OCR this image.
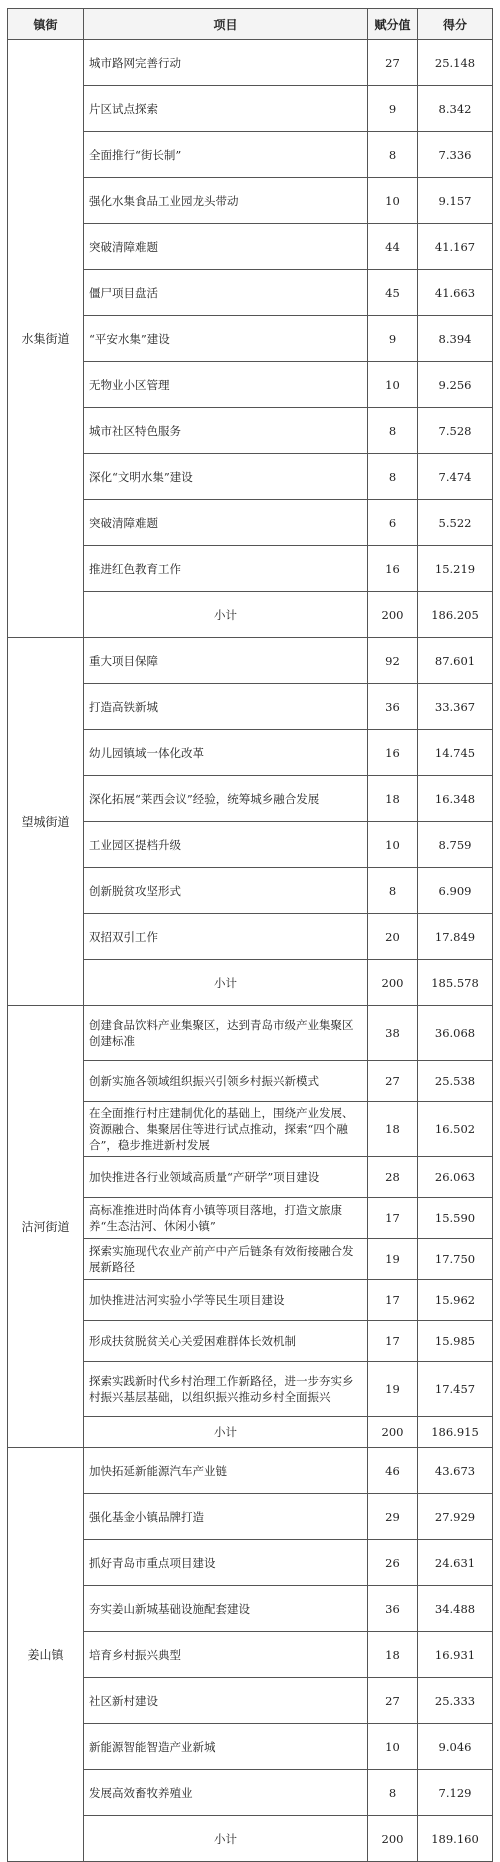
镇街	项目	赋分值	得分
水集街道	城市路网完善行动	27	25.148
	片区试点探索	9	8.342
	全面推行“街长制”	8	7.336
	强化水集食品工业园龙头带动	10	9.157
	突破清障难题	44	41.167
	僵尸项目盘活	45	41.663
	“平安水集”建设	9	8.394
	无物业小区管理	10	9.256
	城市社区特色服务	8	7.528
	深化“文明水集”建设	8	7.474
	突破清障难题	6	5.522
	推进红色教育工作	16	15.219
	小计	200	186.205
望城街道	重大项目保障	92	87.601
	打造高铁新城	36	33.367
	幼儿园镇域一体化改革	16	14.745
	深化拓展“莱西会议”经验，统筹城乡融合发展	18	16.348
	工业园区提档升级	10	8.759
	创新脱贫攻坚形式	8	6.909
	双招双引工作	20	17.849
	小计	200	185.578
沽河街道	创建食品饮料产业集聚区，达到青岛市级产业集聚区创建标准	38	36.068
	创新实施各领域组织振兴引领乡村振兴新模式	27	25.538
	在全面推行村庄建制优化的基础上，围绕产业发展、资源融合、集聚居住等进行试点推动，探索“四个融合”，稳步推进新村发展	18	16.502
	加快推进各行业领域高质量“产研学”项目建设	28	26.063
	高标准推进时尚体育小镇等项目落地，打造文旅康养“生态沽河、休闲小镇”	17	15.590
	探索实施现代农业产前产中产后链条有效衔接融合发展新路径	19	17.750
	加快推进沽河实验小学等民生项目建设	17	15.962
	形成扶贫脱贫关心关爱困难群体长效机制	17	15.985
	探索实践新时代乡村治理工作新路径，进一步夯实乡村振兴基层基础，以组织振兴推动乡村全面振兴	19	17.457
	小计	200	186.915
姜山镇	加快拓延新能源汽车产业链	46	43.673
	强化基金小镇品牌打造	29	27.929
	抓好青岛市重点项目建设	26	24.631
	夯实姜山新城基础设施配套建设	36	34.488
	培育乡村振兴典型	18	16.931
	社区新村建设	27	25.333
	新能源智能智造产业新城	10	9.046
	发展高效畜牧养殖业	8	7.129
	小计	200	189.160
